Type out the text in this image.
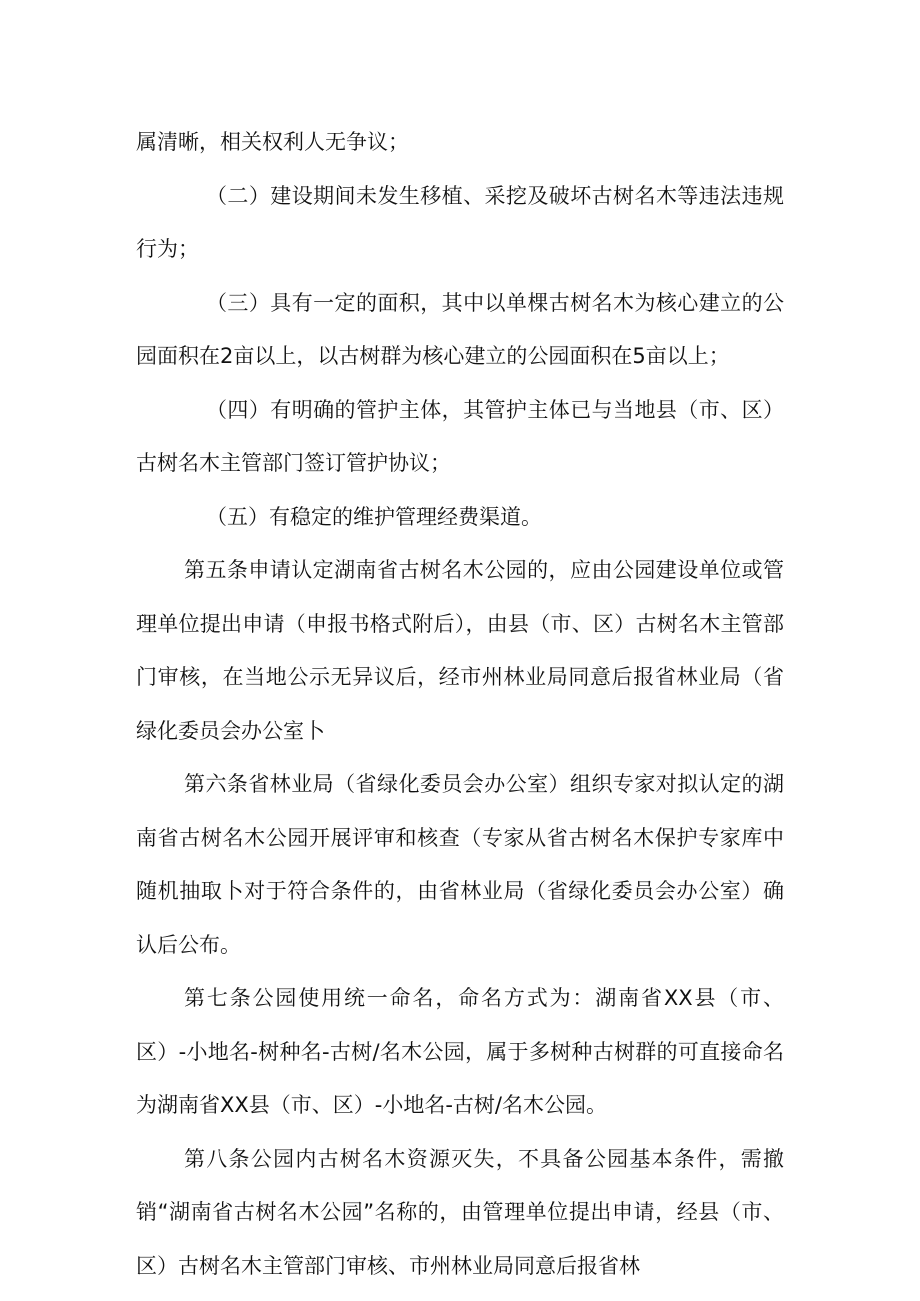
属清晰，相关权利人无争议；

（二）建设期间未发生移植、采挖及破坏古树名木等违法违规行为；

（三）具有一定的面积，其中以单棵古树名木为核心建立的公园面积在2亩以上，以古树群为核心建立的公园面积在5亩以上；

（四）有明确的管护主体，其管护主体已与当地县（市、区）古树名木主管部门签订管护协议；

（五）有稳定的维护管理经费渠道。

第五条申请认定湖南省古树名木公园的，应由公园建设单位或管理单位提出申请（申报书格式附后），由县（市、区）古树名木主管部门审核，在当地公示无异议后，经市州林业局同意后报省林业局（省绿化委员会办公室卜

第六条省林业局（省绿化委员会办公室）组织专家对拟认定的湖南省古树名木公园开展评审和核查（专家从省古树名木保护专家库中随机抽取卜对于符合条件的，由省林业局（省绿化委员会办公室）确认后公布。

第七条公园使用统一命名，命名方式为：湖南省XX县（市、区）-小地名-树种名-古树/名木公园，属于多树种古树群的可直接命名为湖南省XX县（市、区）-小地名-古树/名木公园。

第八条公园内古树名木资源灭失，不具备公园基本条件，需撤销“湖南省古树名木公园”名称的，由管理单位提出申请，经县（市、区）古树名木主管部门审核、市州林业局同意后报省林
